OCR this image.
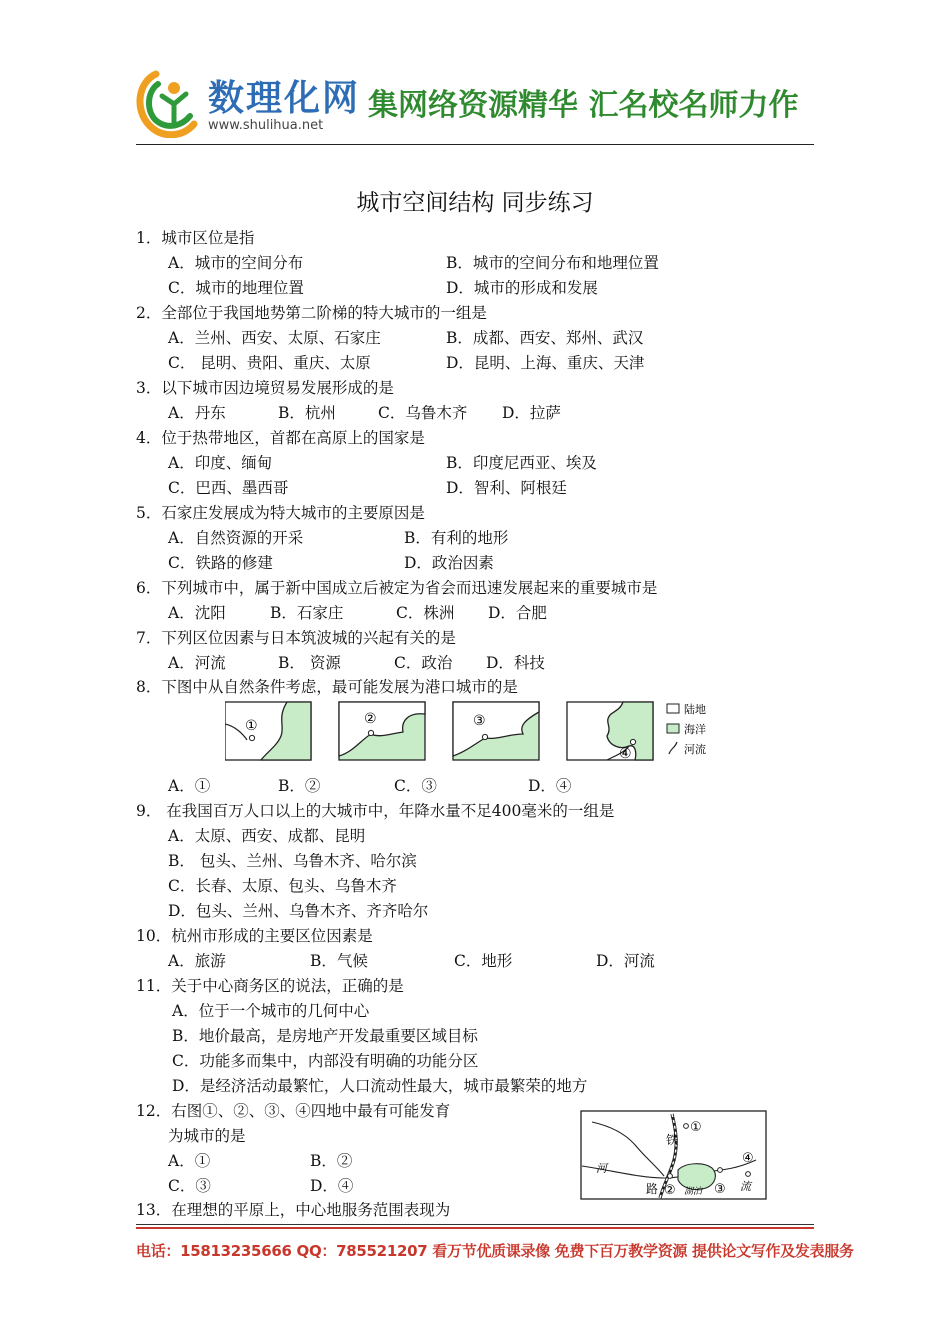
数理化网
www.shulihua.net
集网络资源精华 汇名校名师力作
城市空间结构 同步练习
1．城市区位是指
A．城市的空间分布	B．城市的空间分布和地理位置
C．城市的地理位置	D．城市的形成和发展
2．全部位于我国地势第二阶梯的特大城市的一组是
A．兰州、西安、太原、石家庄	B．成都、西安、郑州、武汉
C． 昆明、贵阳、重庆、太原	D．昆明、上海、重庆、天津
3．以下城市因边境贸易发展形成的是
A．丹东	B．杭州	C．乌鲁木齐 D．拉萨
4．位于热带地区，首都在高原上的国家是
A．印度、缅甸	B．印度尼西亚、埃及
C．巴西、墨西哥	D．智利、阿根廷
5．石家庄发展成为特大城市的主要原因是
A．自然资源的开采	B．有利的地形
C．铁路的修建	D．政治因素
6．下列城市中，属于新中国成立后被定为省会而迅速发展起来的重要城市是
A．沈阳	B．石家庄	C．株洲 D．合肥
7．下列区位因素与日本筑波城的兴起有关的是
A．河流	B． 资源	C．政治 D．科技
8．下图中从自然条件考虑，最可能发展为港口城市的是
①	②	③
④
陆地
海洋
河流
A．①	B．②	C．③	D．④
9． 在我国百万人口以上的大城市中，年降水量不足400毫米的一组是
A．太原、西安、成都、昆明
B． 包头、兰州、乌鲁木齐、哈尔滨
C．长春、太原、包头、乌鲁木齐
D．包头、兰州、乌鲁木齐、齐齐哈尔
10．杭州市形成的主要区位因素是
A．旅游	B．气候	C．地形	D．河流
11．关于中心商务区的说法，正确的是
A．位于一个城市的几何中心
B．地价最高，是房地产开发最重要区域目标
C．功能多而集中，内部没有明确的功能分区
D．是经济活动最繁忙，人口流动性最大，城市最繁荣的地方
12．右图①、②、③、④四地中最有可能发育
为城市的是
A．①	B．②
C．③	D．④
①
②	③
④
铁
路
河
湖泊	流
13．在理想的平原上，中心地服务范围表现为
电话：15813235666 QQ：785521207 看万节优质课录像 免费下百万教学资源 提供论文写作及发表服务
